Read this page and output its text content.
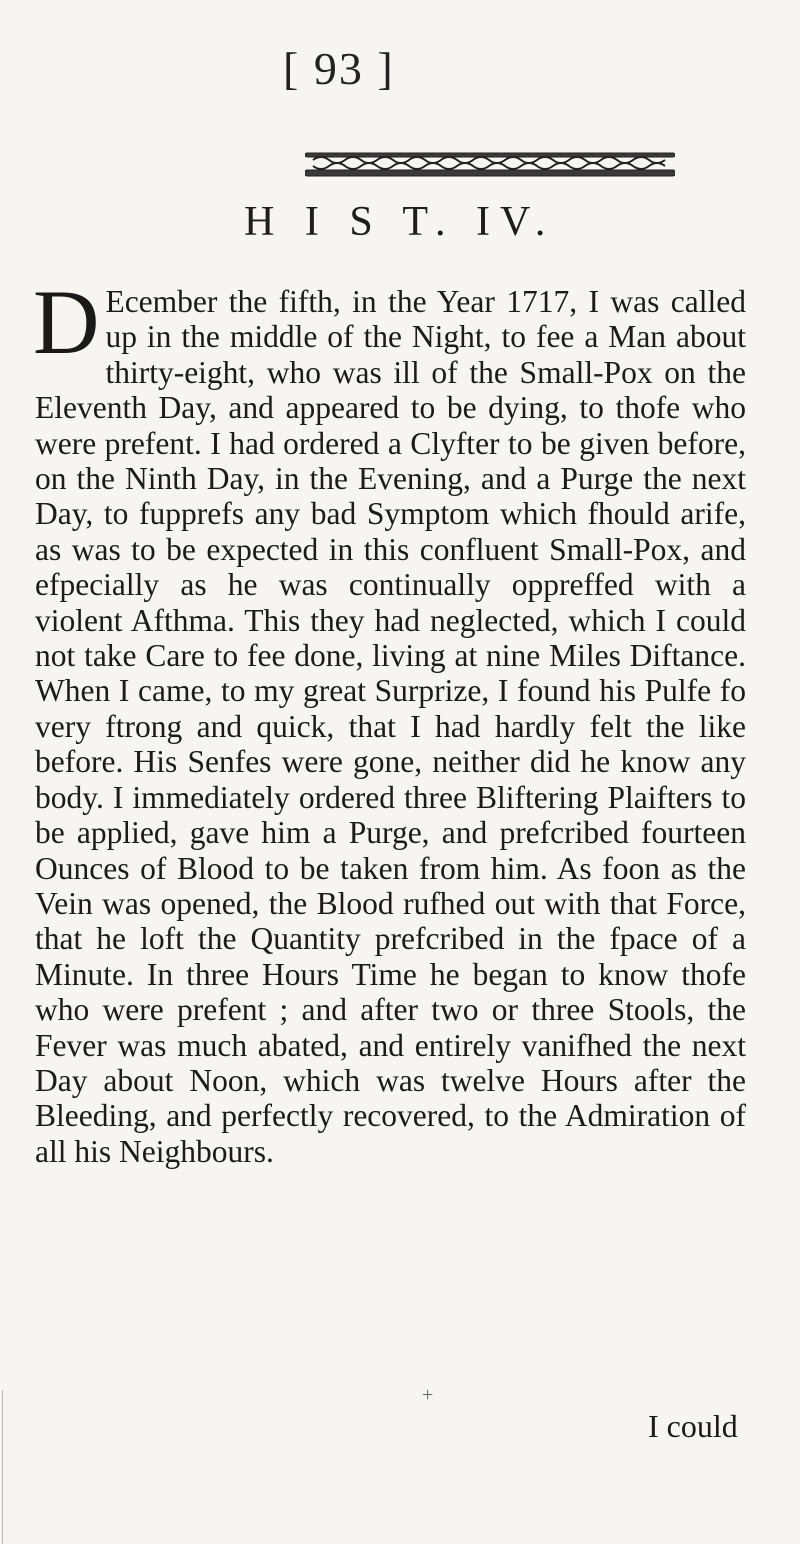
[ 93 ]
H I S T. IV.
D Ecember the fifth, in the Year 1717, I was called up in the middle of the Night, to fee a Man about thirty-eight, who was ill of the Small-Pox on the Eleventh Day, and appeared to be dying, to thofe who were prefent. I had ordered a Clyfter to be given before, on the Ninth Day, in the Evening, and a Purge the next Day, to fupprefs any bad Symptom which fhould arife, as was to be expected in this confluent Small-Pox, and efpecially as he was continually oppreffed with a violent Afthma. This they had neglected, which I could not take Care to fee done, living at nine Miles Diftance. When I came, to my great Surprize, I found his Pulfe fo very ftrong and quick, that I had hardly felt the like before. His Senfes were gone, neither did he know any body. I immediately ordered three Bliftering Plaifters to be applied, gave him a Purge, and prefcribed fourteen Ounces of Blood to be taken from him. As foon as the Vein was opened, the Blood rufhed out with that Force, that he loft the Quantity prefcribed in the fpace of a Minute. In three Hours Time he began to know thofe who were prefent ; and after two or three Stools, the Fever was much abated, and entirely vanifhed the next Day about Noon, which was twelve Hours after the Bleeding, and perfectly recovered, to the Admiration of all his Neighbours.
+
I could
